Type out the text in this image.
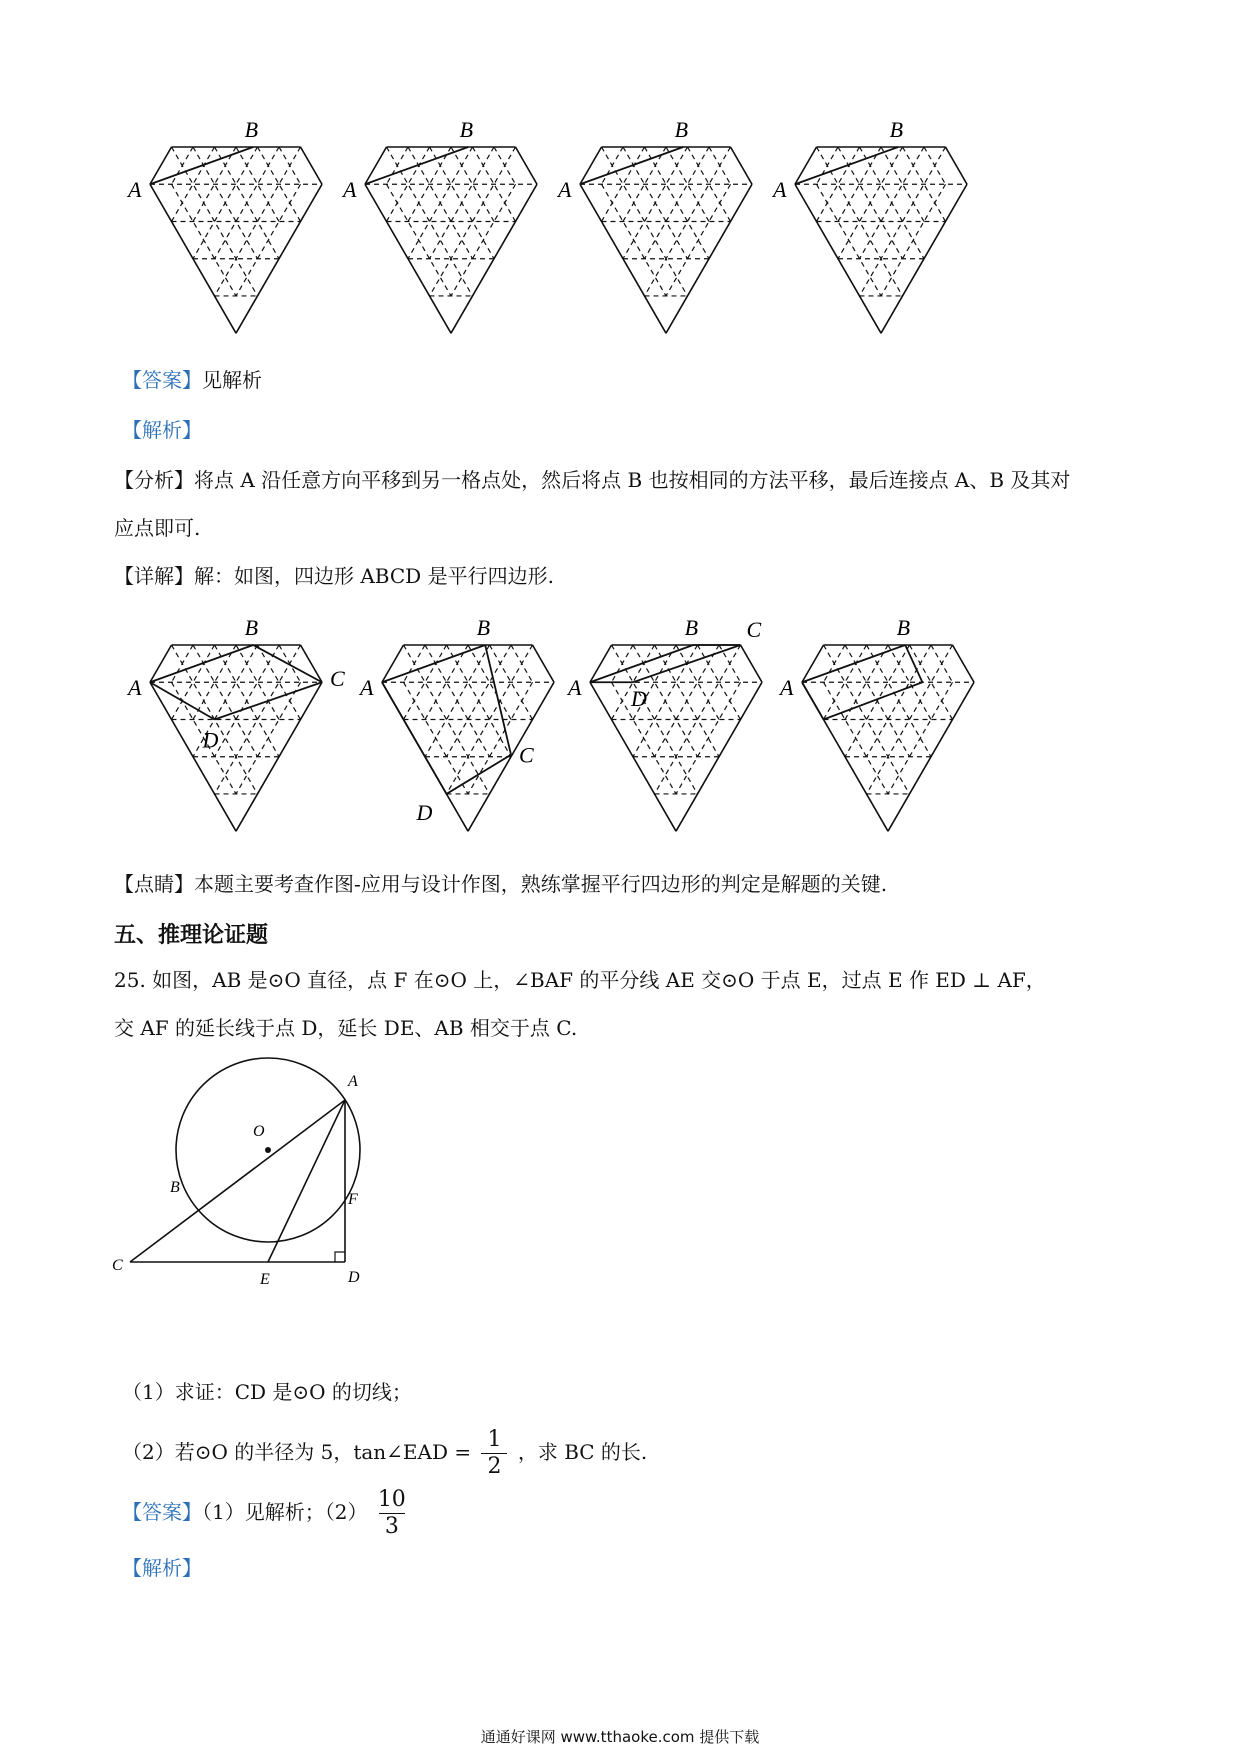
A
B
A
B
A
B
A
B
【答案】见解析
【解析】
【分析】将点 A 沿任意方向平移到另一格点处，然后将点 B 也按相同的方法平移，最后连接点 A、B 及其对
应点即可.
【详解】解：如图，四边形 ABCD 是平行四边形.
A
B
C
D
A
B
C
D
A
B C
D	A
B
【点睛】本题主要考查作图-应用与设计作图，熟练掌握平行四边形的判定是解题的关键.
五、推理论证题
25. 如图，AB 是⊙O 直径，点 F 在⊙O 上，∠BAF 的平分线 AE 交⊙O 于点 E，过点 E 作 ED ⊥ AF，
交 AF 的延长线于点 D，延长 DE、AB 相交于点 C.
A
O
B
F
C
E	D
（1）求证：CD 是⊙O 的切线；
（2）若⊙O 的半径为 5，tan∠EAD = $\frac{1}{2}$ ，求 BC 的长.
【答案】（1）见解析；$(2) \frac{10}{3}$
【解析】
通通好课网 www.tthaoke.com 提供下载
